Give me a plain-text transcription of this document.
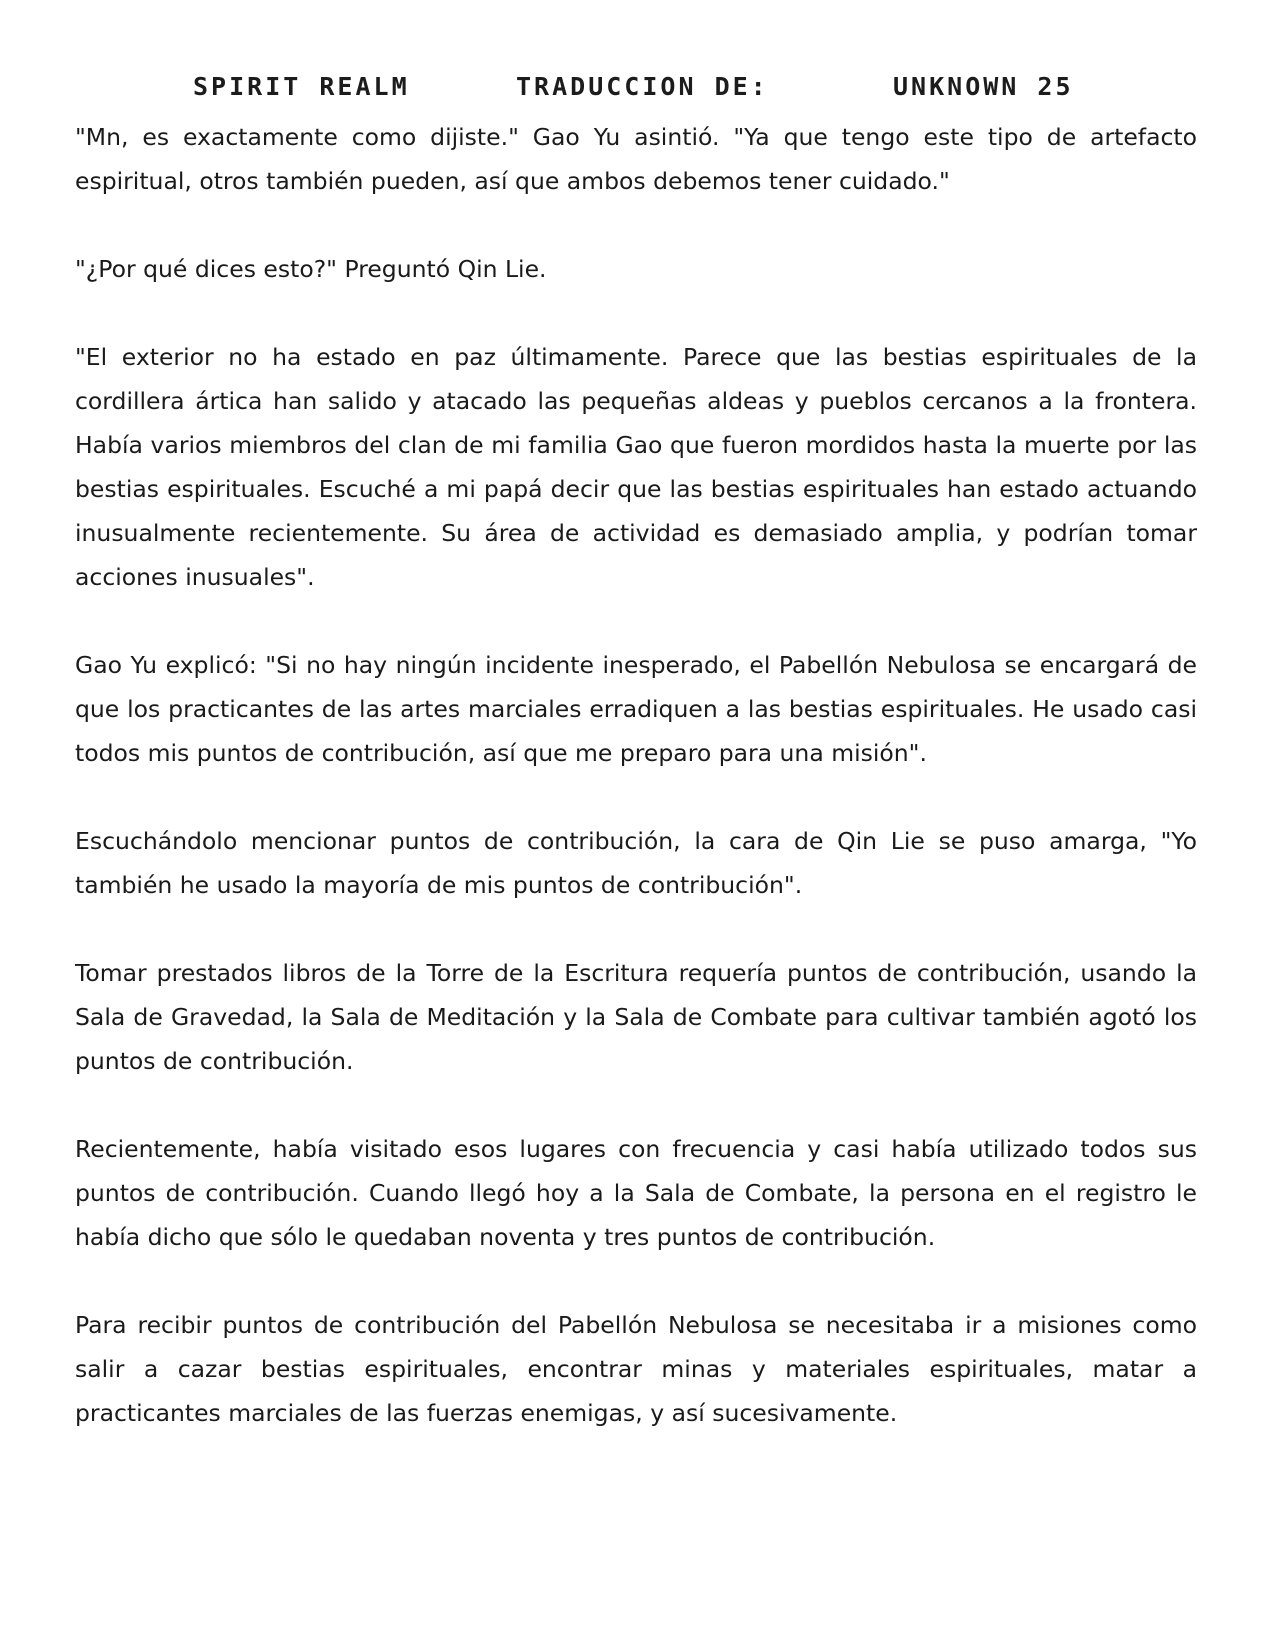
SPIRIT REALM	TRADUCCION DE:	UNKNOWN 25

"Mn, es exactamente como dijiste." Gao Yu asintió. "Ya que tengo este tipo de artefacto espiritual, otros también pueden, así que ambos debemos tener cuidado."

"¿Por qué dices esto?" Preguntó Qin Lie.

"El exterior no ha estado en paz últimamente. Parece que las bestias espirituales de la cordillera ártica han salido y atacado las pequeñas aldeas y pueblos cercanos a la frontera. Había varios miembros del clan de mi familia Gao que fueron mordidos hasta la muerte por las bestias espirituales. Escuché a mi papá decir que las bestias espirituales han estado actuando inusualmente recientemente. Su área de actividad es demasiado amplia, y podrían tomar acciones inusuales".

Gao Yu explicó: "Si no hay ningún incidente inesperado, el Pabellón Nebulosa se encargará de que los practicantes de las artes marciales erradiquen a las bestias espirituales. He usado casi todos mis puntos de contribución, así que me preparo para una misión".

Escuchándolo mencionar puntos de contribución, la cara de Qin Lie se puso amarga, "Yo también he usado la mayoría de mis puntos de contribución".

Tomar prestados libros de la Torre de la Escritura requería puntos de contribución, usando la Sala de Gravedad, la Sala de Meditación y la Sala de Combate para cultivar también agotó los puntos de contribución.

Recientemente, había visitado esos lugares con frecuencia y casi había utilizado todos sus puntos de contribución. Cuando llegó hoy a la Sala de Combate, la persona en el registro le había dicho que sólo le quedaban noventa y tres puntos de contribución.

Para recibir puntos de contribución del Pabellón Nebulosa se necesitaba ir a misiones como salir a cazar bestias espirituales, encontrar minas y materiales espirituales, matar a practicantes marciales de las fuerzas enemigas, y así sucesivamente.
